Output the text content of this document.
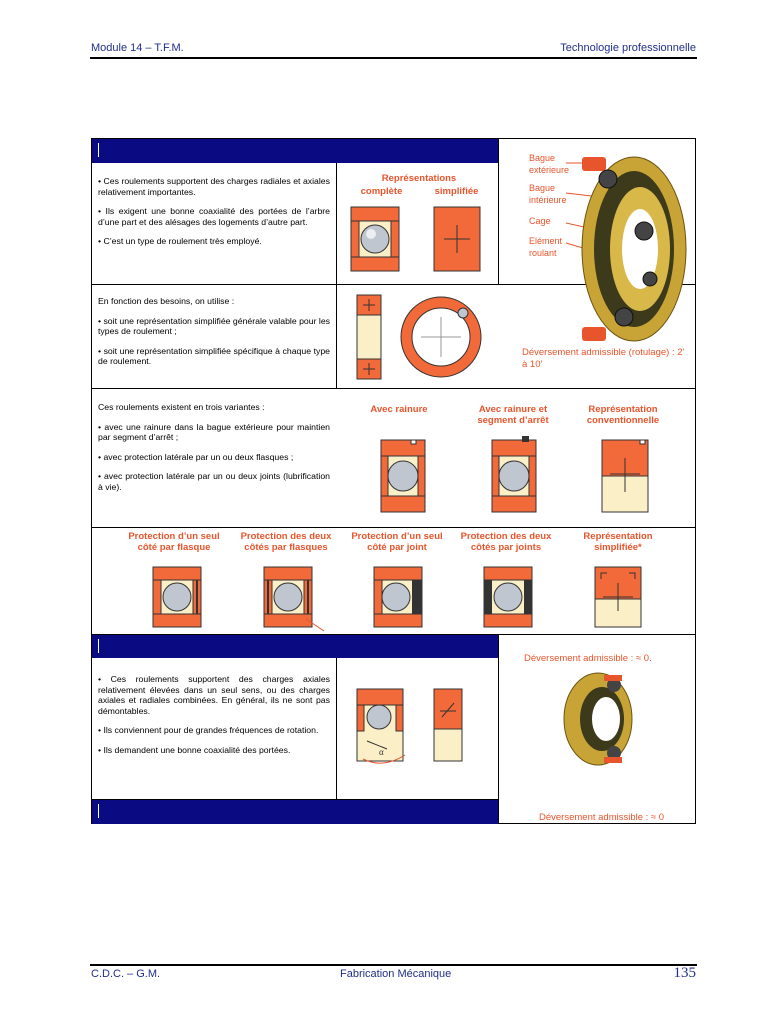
Module 14 – T.F.M.	Technologie professionnelle

• Ces roulements supportent des charges radiales et axiales relativement importantes.

• Ils exigent une bonne coaxialité des portées de l’arbre d’une part et des alésages des logements d’autre part.

• C’est un type de roulement très employé.

Représentations
complète	simplifiée
Bague extérieure
Bague intérieure
Cage
Elément roulant
Déversement admissible (rotulage) : 2’ à 10’

En fonction des besoins, on utilise :

• soit une représentation simplifiée générale valable pour les types de roulement ;

• soit une représentation simplifiée spécifique à chaque type de roulement.

Ces roulements existent en trois variantes :

• avec une rainure dans la bague extérieure pour maintien par segment d’arrêt ;

• avec protection latérale par un ou deux flasques ;

• avec protection latérale par un ou deux joints (lubrification à vie).

Avec rainure	Avec rainure et segment d’arrêt
Représentation conventionnelle
Protection d’un seul côté par flasque
Protection des deux côtés par flasques
Protection d’un seul côté par joint
Protection des deux côtés par joints
Représentation simplifiée*

• Ces roulements supportent des charges axiales relativement élevées dans un seul sens, ou des charges axiales et radiales combinées. En général, ils ne sont pas démontables.

• Ils conviennent pour de grandes fréquences de rotation.

• Ils demandent une bonne coaxialité des portées.	α
Déversement admissible : ≈ 0.
Déversement admissible : ≈ 0
C.D.C. – G.M.	Fabrication Mécanique	135
